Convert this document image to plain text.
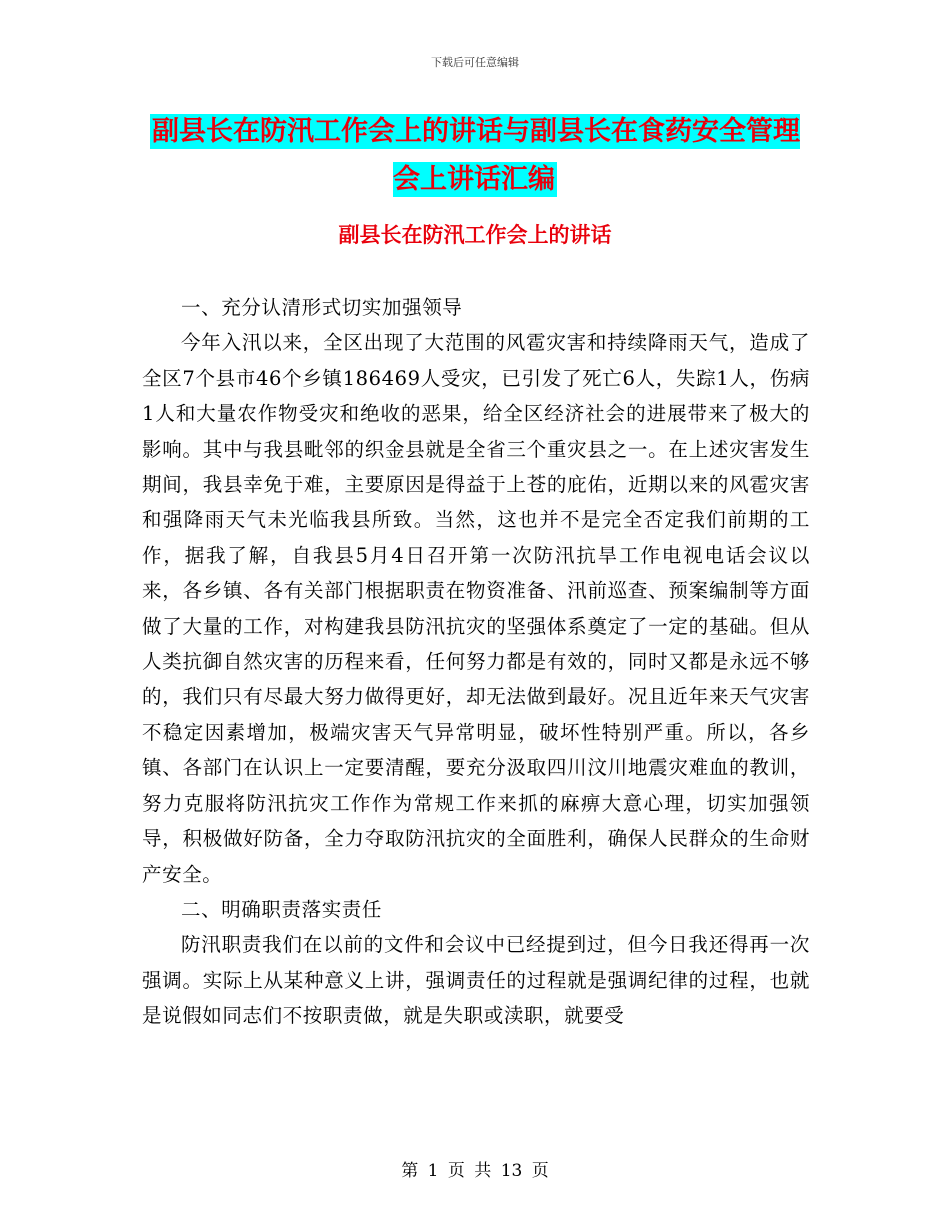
下载后可任意编辑
副县长在防汛工作会上的讲话与副县长在食药安全管理会上讲话汇编
副县长在防汛工作会上的讲话

一、充分认清形式切实加强领导

今年入汛以来，全区出现了大范围的风雹灾害和持续降雨天气，造成了全区7个县市46个乡镇186469人受灾，已引发了死亡6人，失踪1人，伤病1人和大量农作物受灾和绝收的恶果，给全区经济社会的进展带来了极大的影响。其中与我县毗邻的织金县就是全省三个重灾县之一。在上述灾害发生期间，我县幸免于难，主要原因是得益于上苍的庇佑，近期以来的风雹灾害和强降雨天气未光临我县所致。当然，这也并不是完全否定我们前期的工作，据我了解，自我县5月4日召开第一次防汛抗旱工作电视电话会议以来，各乡镇、各有关部门根据职责在物资准备、汛前巡查、预案编制等方面做了大量的工作，对构建我县防汛抗灾的坚强体系奠定了一定的基础。但从人类抗御自然灾害的历程来看，任何努力都是有效的，同时又都是永远不够的，我们只有尽最大努力做得更好，却无法做到最好。况且近年来天气灾害不稳定因素增加，极端灾害天气异常明显，破坏性特别严重。所以，各乡镇、各部门在认识上一定要清醒，要充分汲取四川汶川地震灾难血的教训，努力克服将防汛抗灾工作作为常规工作来抓的麻痹大意心理，切实加强领导，积极做好防备，全力夺取防汛抗灾的全面胜利，确保人民群众的生命财产安全。

二、明确职责落实责任

防汛职责我们在以前的文件和会议中已经提到过，但今日我还得再一次强调。实际上从某种意义上讲，强调责任的过程就是强调纪律的过程，也就是说假如同志们不按职责做，就是失职或渎职，就要受

第 1 页 共 13 页
